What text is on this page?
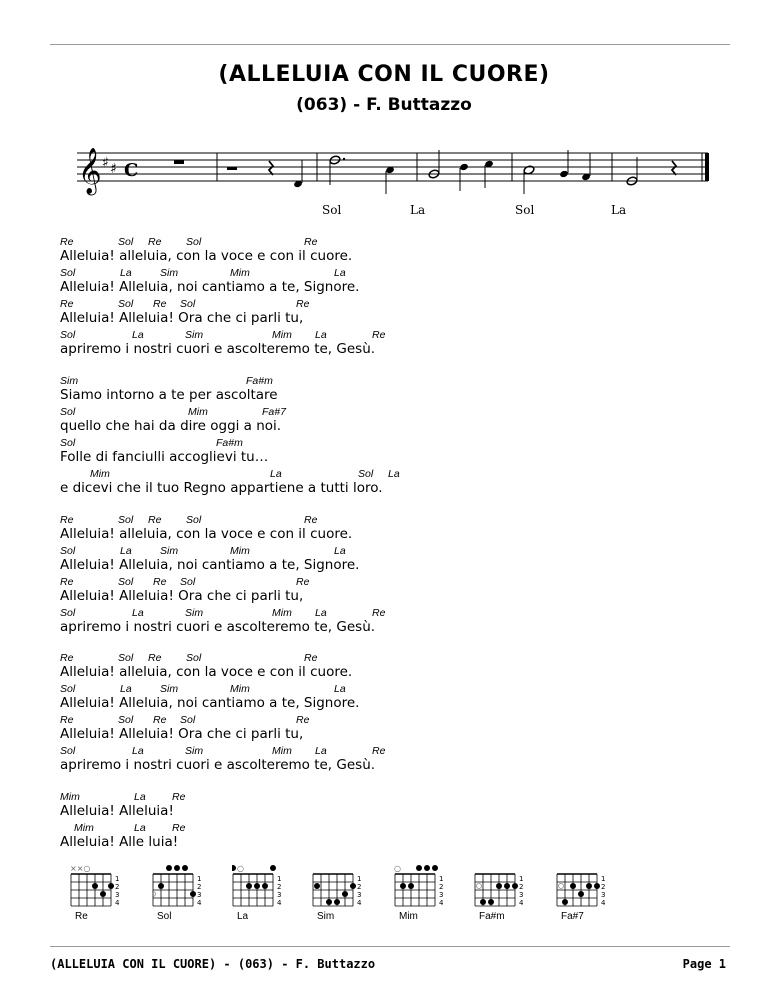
(ALLELUIA CON IL CUORE)
(063) - F. Buttazzo
𝄞 ♯ ♯ C
Sol	La	Sol	La
Re	Sol Re Sol	Re
Alleluia! alleluia, con la voce e con il cuore.
Sol	La	Sim	Mim	La
Alleluia! Alleluia, noi cantiamo a te, Signore.
Re	Sol Re Sol	Re
Alleluia! Alleluia! Ora che ci parli tu,
Sol	La	Sim	Mim La	Re
apriremo i nostri cuori e ascolteremo te, Gesù.
Sim	Fa#m
Siamo intorno a te per ascoltare
Sol	Mim	Fa#7
quello che hai da dire oggi a noi.
Sol	Fa#m
Folle di fanciulli accoglievi tu…
Mim	La	Sol La
e dicevi che il tuo Regno appartiene a tutti loro.
Re	Sol Re Sol	Re
Alleluia! alleluia, con la voce e con il cuore.
Sol	La	Sim	Mim	La
Alleluia! Alleluia, noi cantiamo a te, Signore.
Re	Sol Re Sol	Re
Alleluia! Alleluia! Ora che ci parli tu,
Sol	La	Sim	Mim La	Re
apriremo i nostri cuori e ascolteremo te, Gesù.
Re	Sol Re Sol	Re
Alleluia! alleluia, con la voce e con il cuore.
Sol	La	Sim	Mim	La
Alleluia! Alleluia, noi cantiamo a te, Signore.
Re	Sol Re Sol	Re
Alleluia! Alleluia! Ora che ci parli tu,
Sol	La	Sim	Mim La	Re
apriremo i nostri cuori e ascolteremo te, Gesù.
Mim	La	Re
Alleluia! Alleluia!
Mim	La	Re
Alleluia! Alle luia!
××○
1
2
3
4
Re
1
2
3
4
Sol
○
1
2
3
4
La
1
2
3
4
Sim
○
1
2
3
4
Mim
1
2
3
4
Fa#m
1
2
3
4
Fa#7
(ALLELUIA CON IL CUORE) - (063) - F. Buttazzo	Page 1
